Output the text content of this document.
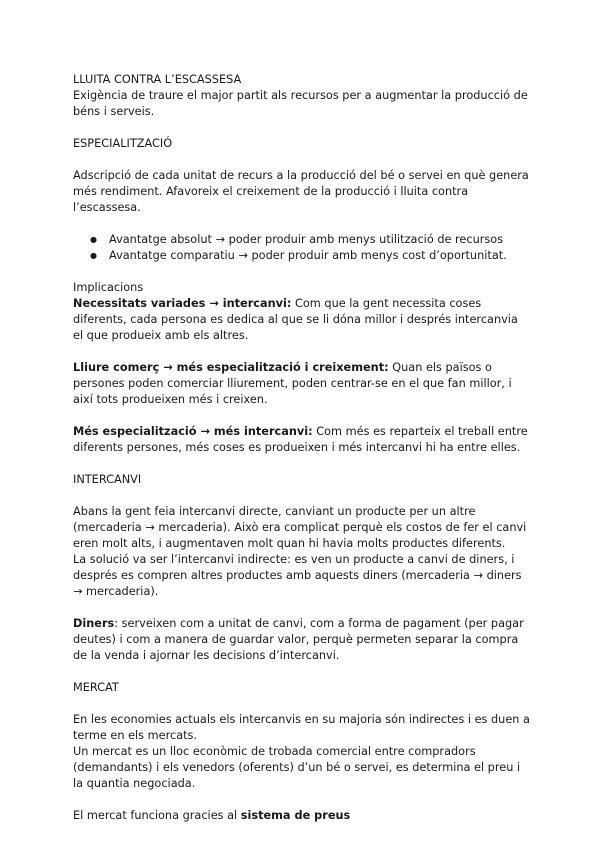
LLUITA CONTRA L’ESCASSESA

Exigència de traure el major partit als recursos per a augmentar la producció de béns i serveis.

ESPECIALITZACIÓ

Adscripció de cada unitat de recurs a la producció del bé o servei en què genera més rendiment. Afavoreix el creixement de la producció i lluita contra l’escassesa.

● Avantatge absolut → poder produir amb menys utilització de recursos
● Avantatge comparatiu → poder produir amb menys cost d’oportunitat.

Implicacions

Necessitats variades → intercanvi: Com que la gent necessita coses diferents, cada persona es dedica al que se li dóna millor i després intercanvia el que produeix amb els altres.

Lliure comerç → més especialització i creixement: Quan els països o persones poden comerciar lliurement, poden centrar-se en el que fan millor, i així tots produeixen més i creixen.

Més especialització → més intercanvi: Com més es reparteix el treball entre diferents persones, més coses es produeixen i més intercanvi hi ha entre elles.

INTERCANVI

Abans la gent feia intercanvi directe, canviant un producte per un altre (mercaderia → mercaderia). Això era complicat perquè els costos de fer el canvi eren molt alts, i augmentaven molt quan hi havia molts productes diferents.

La solució va ser l’intercanvi indirecte: es ven un producte a canvi de diners, i després es compren altres productes amb aquests diners (mercaderia → diners → mercaderia).

Diners: serveixen com a unitat de canvi, com a forma de pagament (per pagar deutes) i com a manera de guardar valor, perquè permeten separar la compra de la venda i ajornar les decisions d’intercanvi.

MERCAT

En les economies actuals els intercanvis en su majoria són indirectes i es duen a terme en els mercats.

Un mercat es un lloc econòmic de trobada comercial entre compradors (demandants) i els venedors (oferents) d’un bé o servei, es determina el preu i la quantia negociada.

El mercat funciona gracies al sistema de preus
